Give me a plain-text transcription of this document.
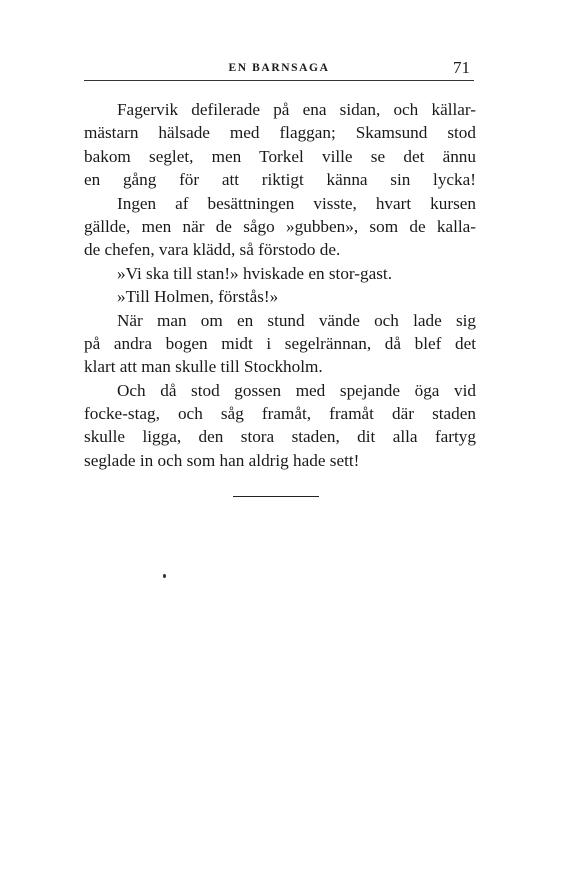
EN BARNSAGA	71
Fagervik defilerade på ena sidan, och källar-
mästarn hälsade med flaggan; Skamsund stod
bakom seglet, men Torkel ville se det ännu
en gång för att riktigt känna sin lycka!
Ingen af besättningen visste, hvart kursen
gällde, men när de sågo »gubben», som de kalla-
de chefen, vara klädd, så förstodo de.
»Vi ska till stan!» hviskade en stor-gast.
»Till Holmen, förstås!»
När man om en stund vände och lade sig
på andra bogen midt i segelrännan, då blef det
klart att man skulle till Stockholm.
Och då stod gossen med spejande öga vid
focke-stag, och såg framåt, framåt där staden
skulle ligga, den stora staden, dit alla fartyg
seglade in och som han aldrig hade sett!
